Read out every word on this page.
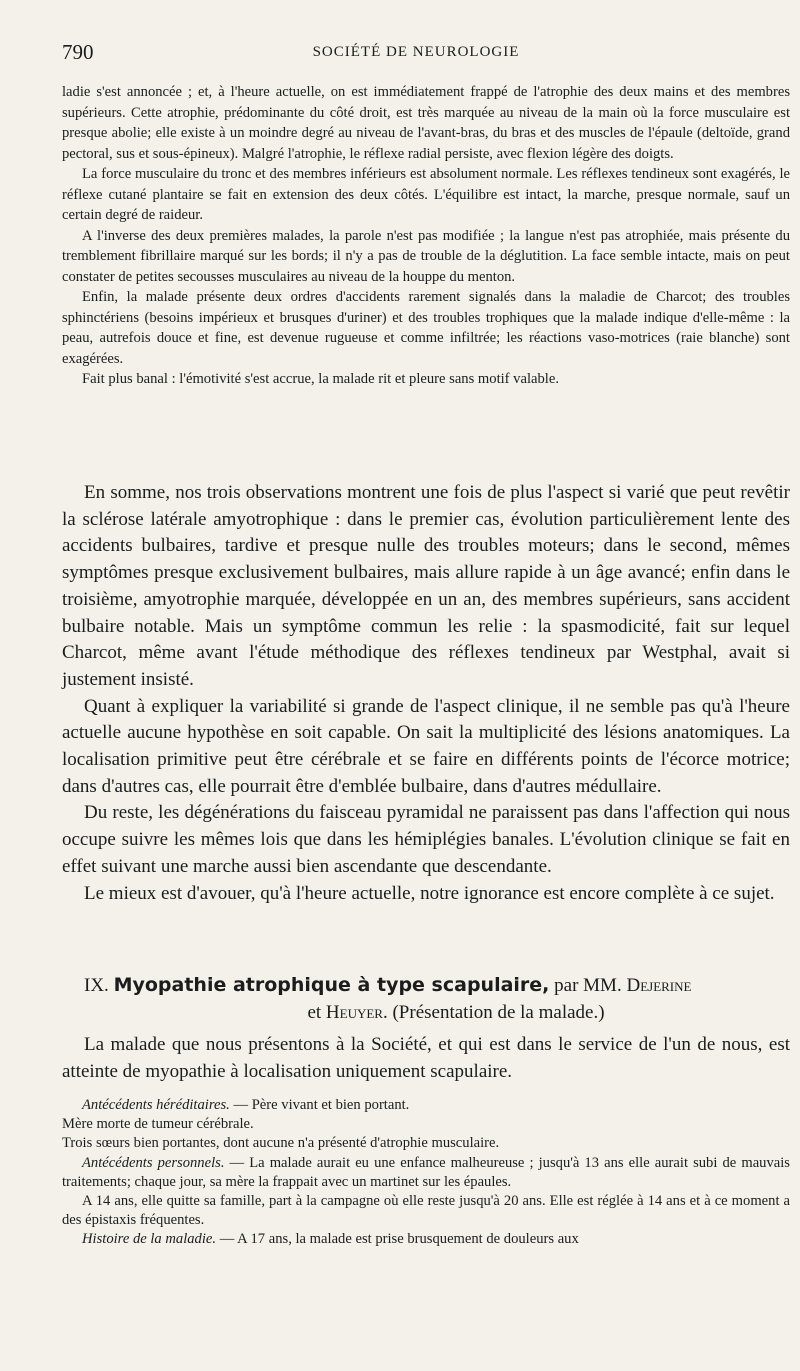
790	SOCIÉTÉ DE NEUROLOGIE

ladie s'est annoncée ; et, à l'heure actuelle, on est immédiatement frappé de l'atrophie des deux mains et des membres supérieurs. Cette atrophie, prédominante du côté droit, est très marquée au niveau de la main où la force musculaire est presque abolie; elle existe à un moindre degré au niveau de l'avant-bras, du bras et des muscles de l'épaule (deltoïde, grand pectoral, sus et sous-épineux). Malgré l'atrophie, le réflexe radial persiste, avec flexion légère des doigts.

La force musculaire du tronc et des membres inférieurs est absolument normale. Les réflexes tendineux sont exagérés, le réflexe cutané plantaire se fait en extension des deux côtés. L'équilibre est intact, la marche, presque normale, sauf un certain degré de raideur.

A l'inverse des deux premières malades, la parole n'est pas modifiée ; la langue n'est pas atrophiée, mais présente du tremblement fibrillaire marqué sur les bords; il n'y a pas de trouble de la déglutition. La face semble intacte, mais on peut constater de petites secousses musculaires au niveau de la houppe du menton.

Enfin, la malade présente deux ordres d'accidents rarement signalés dans la maladie de Charcot; des troubles sphinctériens (besoins impérieux et brusques d'uriner) et des troubles trophiques que la malade indique d'elle-même : la peau, autrefois douce et fine, est devenue rugueuse et comme infiltrée; les réactions vaso-motrices (raie blanche) sont exagérées.

Fait plus banal : l'émotivité s'est accrue, la malade rit et pleure sans motif valable.

En somme, nos trois observations montrent une fois de plus l'aspect si varié que peut revêtir la sclérose latérale amyotrophique : dans le premier cas, évolution particulièrement lente des accidents bulbaires, tardive et presque nulle des troubles moteurs; dans le second, mêmes symptômes presque exclusivement bulbaires, mais allure rapide à un âge avancé; enfin dans le troisième, amyotrophie marquée, développée en un an, des membres supérieurs, sans accident bulbaire notable. Mais un symptôme commun les relie : la spasmodicité, fait sur lequel Charcot, même avant l'étude méthodique des réflexes tendineux par Westphal, avait si justement insisté.

Quant à expliquer la variabilité si grande de l'aspect clinique, il ne semble pas qu'à l'heure actuelle aucune hypothèse en soit capable. On sait la multiplicité des lésions anatomiques. La localisation primitive peut être cérébrale et se faire en différents points de l'écorce motrice; dans d'autres cas, elle pourrait être d'emblée bulbaire, dans d'autres médullaire.

Du reste, les dégénérations du faisceau pyramidal ne paraissent pas dans l'affection qui nous occupe suivre les mêmes lois que dans les hémiplégies banales. L'évolution clinique se fait en effet suivant une marche aussi bien ascendante que descendante.

Le mieux est d'avouer, qu'à l'heure actuelle, notre ignorance est encore complète à ce sujet.

IX. Myopathie atrophique à type scapulaire, par MM. Dejerine
et Heuyer. (Présentation de la malade.)

La malade que nous présentons à la Société, et qui est dans le service de l'un de nous, est atteinte de myopathie à localisation uniquement scapulaire.

Antécédents héréditaires. — Père vivant et bien portant.

Mère morte de tumeur cérébrale.

Trois sœurs bien portantes, dont aucune n'a présenté d'atrophie musculaire.

Antécédents personnels. — La malade aurait eu une enfance malheureuse ; jusqu'à 13 ans elle aurait subi de mauvais traitements; chaque jour, sa mère la frappait avec un martinet sur les épaules.

A 14 ans, elle quitte sa famille, part à la campagne où elle reste jusqu'à 20 ans. Elle est réglée à 14 ans et à ce moment a des épistaxis fréquentes.

Histoire de la maladie. — A 17 ans, la malade est prise brusquement de douleurs aux
